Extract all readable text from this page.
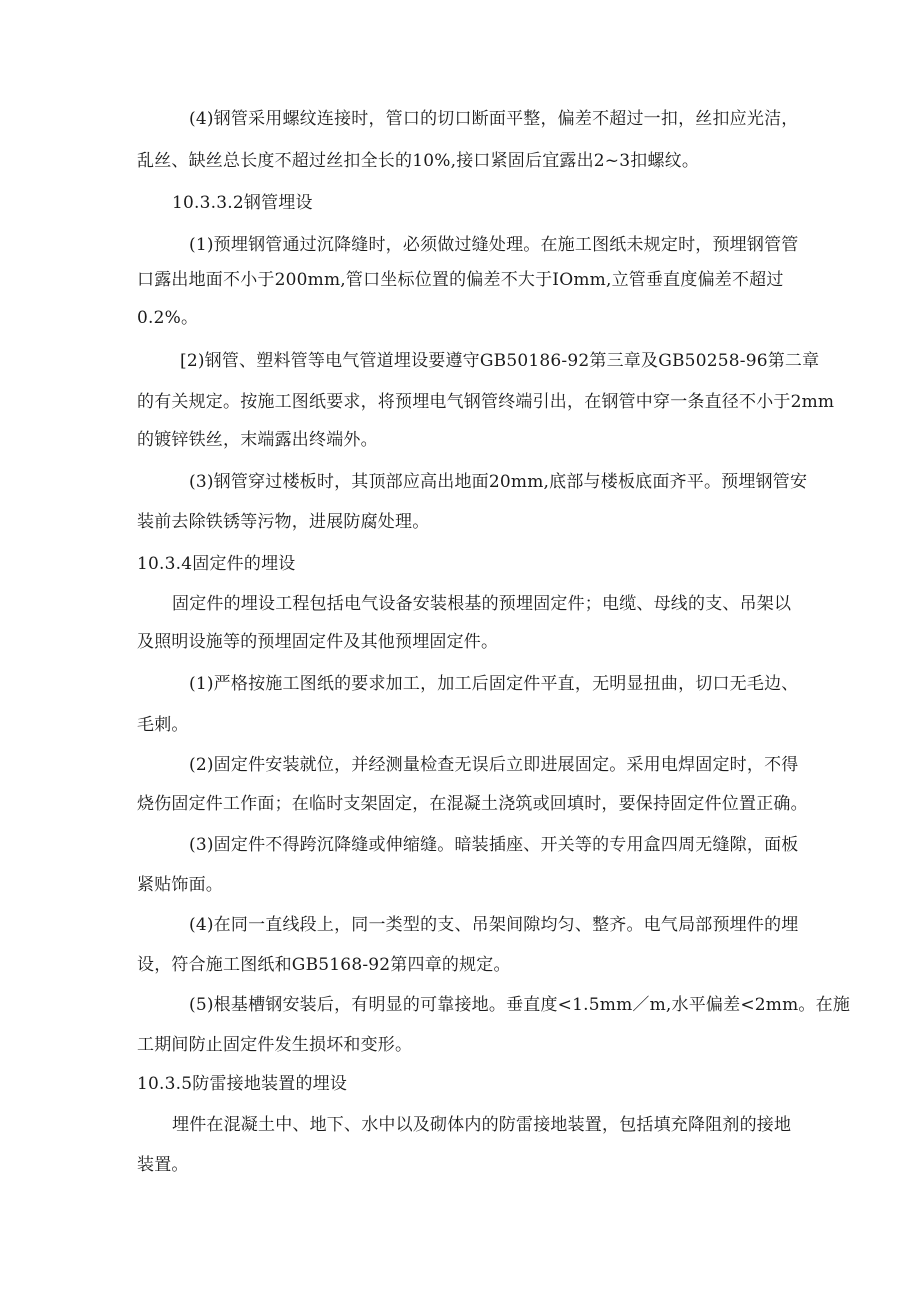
(4)钢管采用螺纹连接时，管口的切口断面平整，偏差不超过一扣，丝扣应光洁，
乱丝、缺丝总长度不超过丝扣全长的10%,接口紧固后宜露出2~3扣螺纹。
10.3.3.2钢管埋设
(1)预埋钢管通过沉降缝时，必须做过缝处理。在施工图纸未规定时，预埋钢管管
口露出地面不小于200mm,管口坐标位置的偏差不大于IOmm,立管垂直度偏差不超过
0.2%。
[2)钢管、塑料管等电气管道埋设要遵守GB50186-92第三章及GB50258-96第二章
的有关规定。按施工图纸要求，将预埋电气钢管终端引出，在钢管中穿一条直径不小于2mm
的镀锌铁丝，末端露出终端外。
(3)钢管穿过楼板时，其顶部应高出地面20mm,底部与楼板底面齐平。预埋钢管安
装前去除铁锈等污物，进展防腐处理。
10.3.4固定件的埋设
固定件的埋设工程包括电气设备安装根基的预埋固定件；电缆、母线的支、吊架以
及照明设施等的预埋固定件及其他预埋固定件。
(1)严格按施工图纸的要求加工，加工后固定件平直，无明显扭曲，切口无毛边、
毛刺。
(2)固定件安装就位，并经测量检查无误后立即进展固定。采用电焊固定时，不得
烧伤固定件工作面；在临时支架固定，在混凝土浇筑或回填时，要保持固定件位置正确。
(3)固定件不得跨沉降缝或伸缩缝。暗装插座、开关等的专用盒四周无缝隙，面板
紧贴饰面。
(4)在同一直线段上，同一类型的支、吊架间隙均匀、整齐。电气局部预埋件的埋
设，符合施工图纸和GB5168-92第四章的规定。
(5)根基槽钢安装后，有明显的可靠接地。垂直度<1.5mm／m,水平偏差<2mm。在施
工期间防止固定件发生损坏和变形。
10.3.5防雷接地装置的埋设
埋件在混凝土中、地下、水中以及砌体内的防雷接地装置，包括填充降阻剂的接地
装置。
